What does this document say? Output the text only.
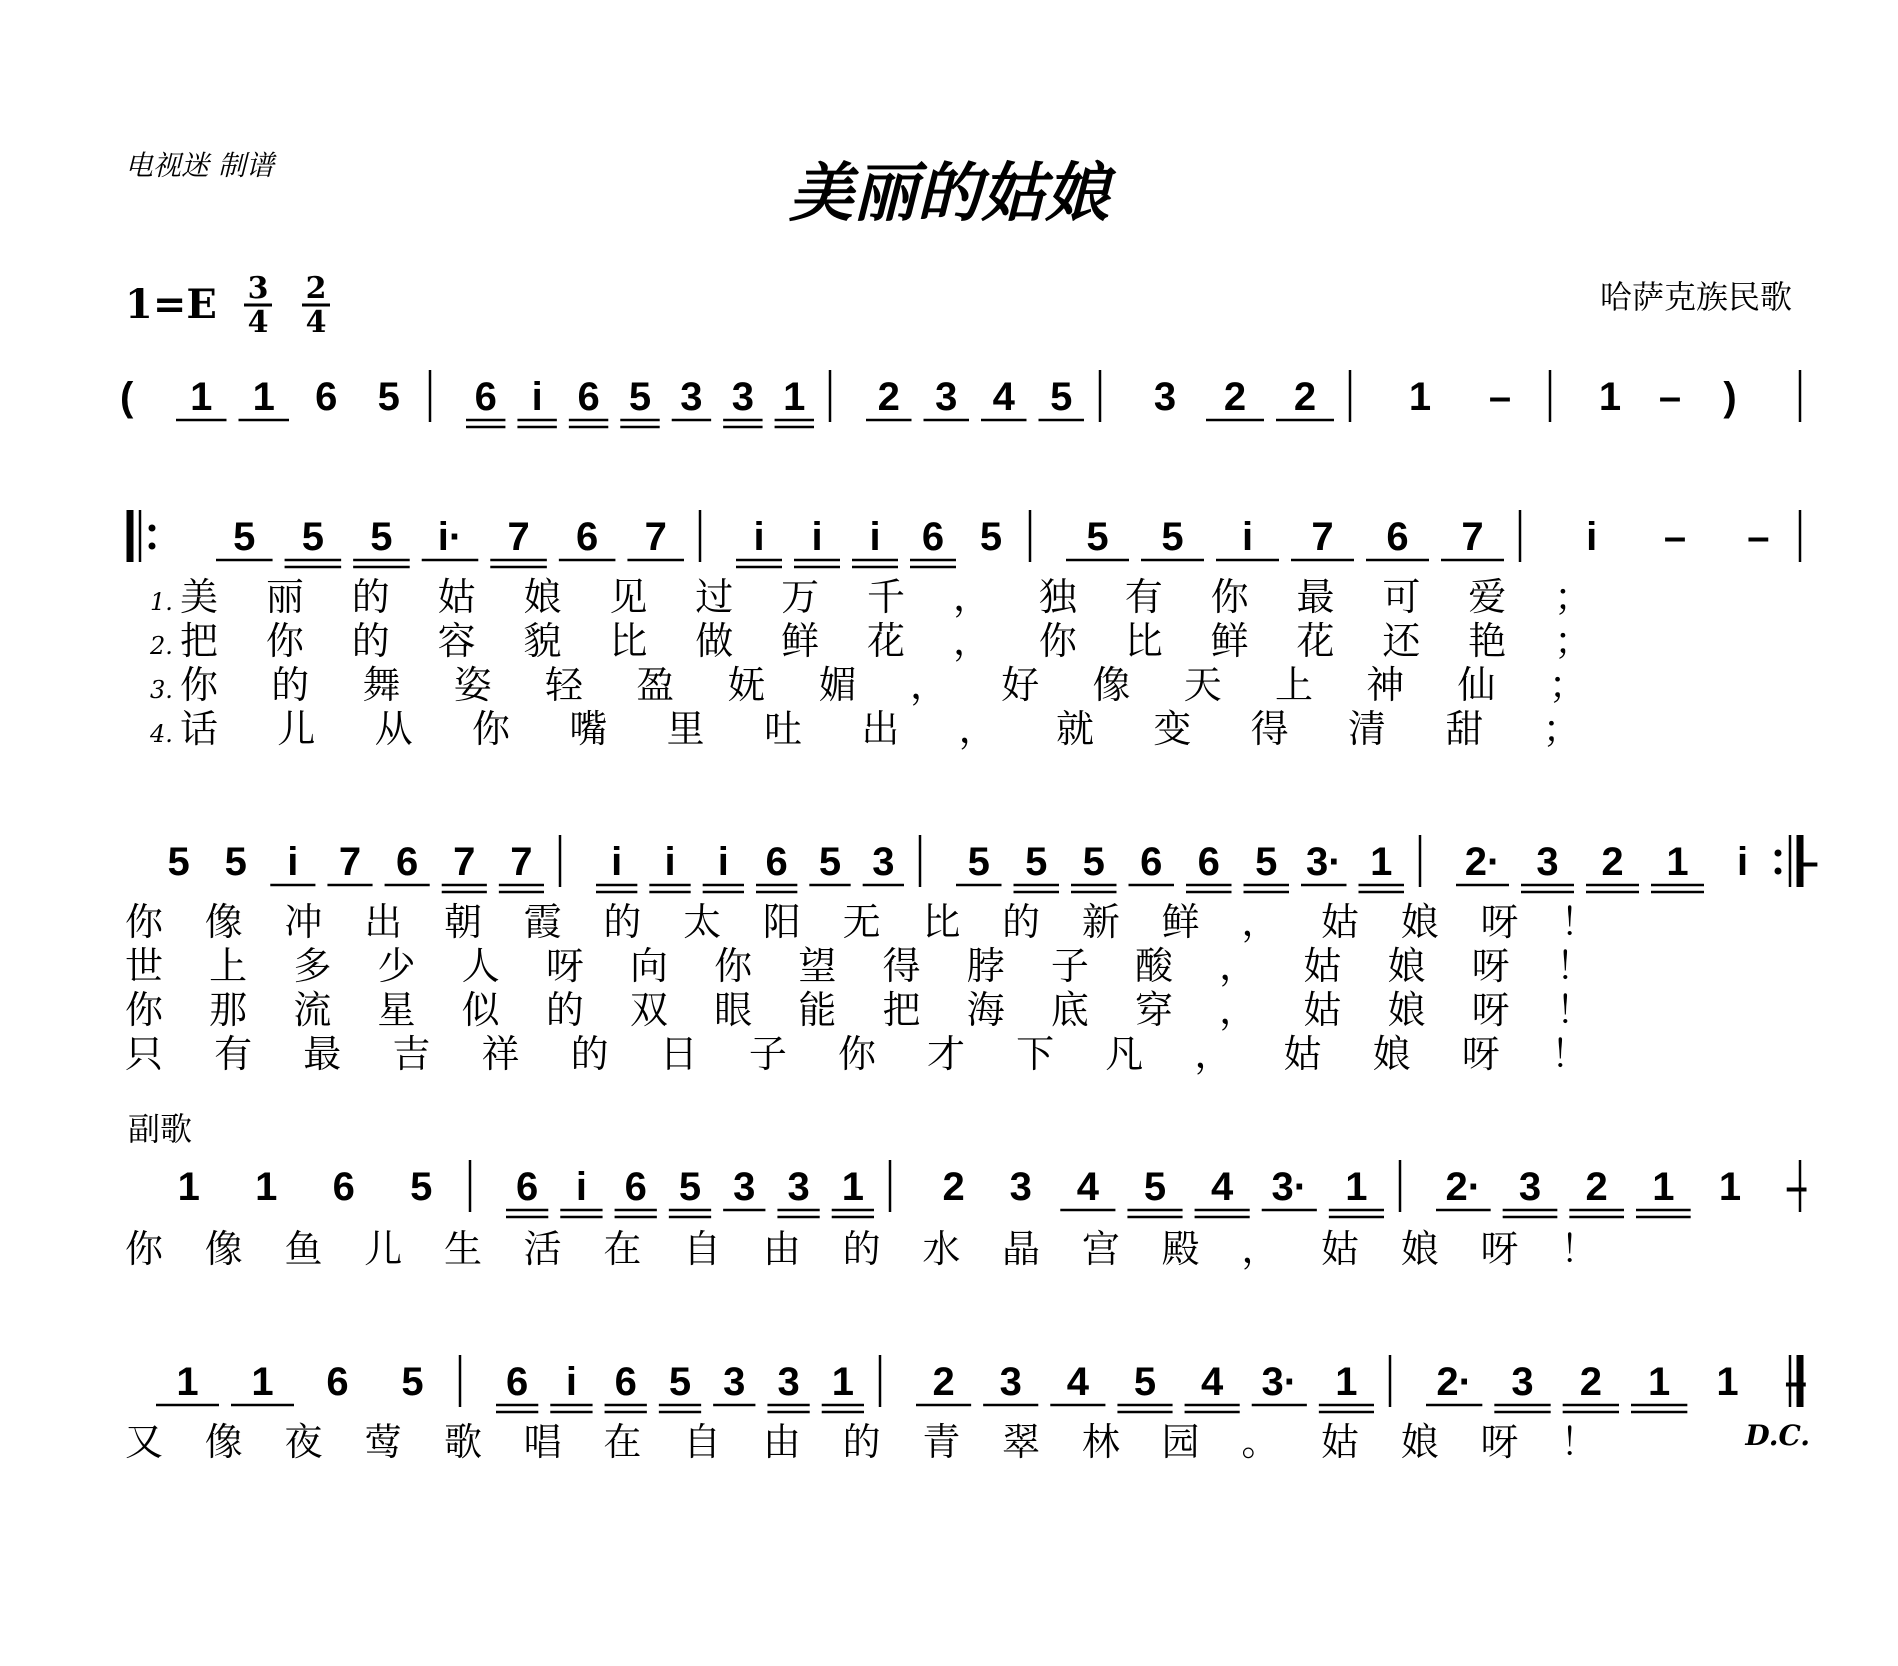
电视迷 制谱	美丽的姑娘
1=E 3
4
2
4
哈萨克族民歌
( 1 1 6 5 6 i 6 5 3 3 1 2 3 4 5 3 2 2 1 – 1 – )
5 5 5 i· 7 6 7 i i i 6 5 5 5 i 7 6 7	i – –
1. 美丽的姑娘见过万千，独有你最可爱；
2. 把你的容貌比做鲜花，你比鲜花还艳；
3. 你的舞姿轻盈妩媚，好像天上神仙；
4. 话儿从你嘴里吐出，就变得清甜；
5 5 i 7 6 7 7 i i i 6 5 3 5 5 5 6 6 5 3· 1 2· 3 2 1 i –
你像冲出朝霞的太阳无比的新鲜，姑娘呀！
世上多少人呀向你望得脖子酸，姑娘呀！
你那流星似的双眼能把海底穿，姑娘呀！
只有最吉祥的日子你才下凡，姑娘呀！
副歌
1 1 6 5 6 i 6 5 3 3 1 2 3 4 5 4 3· 1 2· 3 2 1 1 –
你像鱼儿生活在自由的水晶宫殿，姑娘呀！
1 1 6 5 6 i 6 5 3 3 1 2 3 4 5 4 3· 1 2· 3 2 1 1 –
又像夜莺歌唱在自由的青翠林园。姑娘呀！	D.C.
